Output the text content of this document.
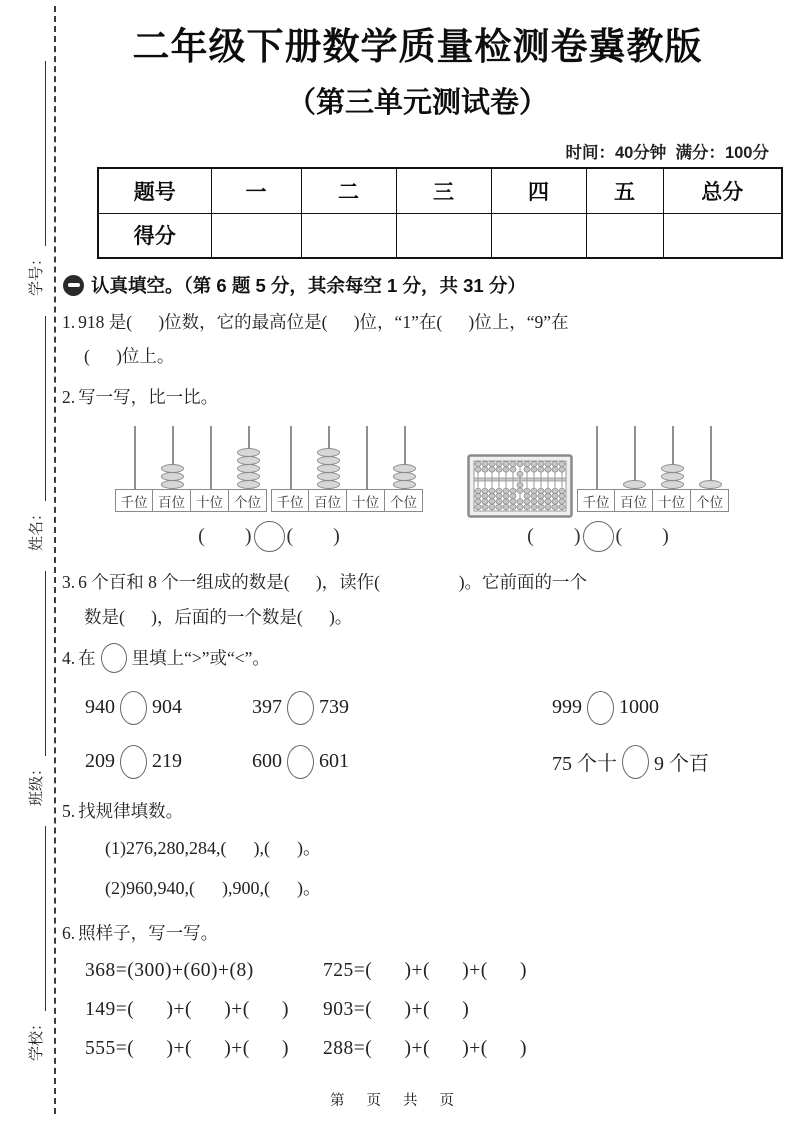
学校：
班级：
姓名：
学号：
二年级下册数学质量检测卷冀教版
（第三单元测试卷）
时间：40分钟  满分：100分
题号	一	二	三	四	五	总分
得分						
认真填空。（第 6 题 5 分，其余每空 1 分，共 31 分）
1. 918 是(      )位数，它的最高位是(      )位，“1”在(      )位上，“9”在
(      )位上。
2. 写一写，比一比。
千位 百位 十位 个位	千位 百位 十位 个位
(        ) (        )
千位 百位 十位 个位
(        ) (        )
3. 6 个百和 8 个一组成的数是(      )，读作(                  )。它前面的一个
数是(      )，后面的一个数是(      )。
4. 在 里填上“>”或“<”。
940 904	397 739	999 1000
209 219	600 601	75 个十 9 个百
5. 找规律填数。
(1)276,280,284,(      ),(      )。
(2)960,940,(      ),900,(      )。
6. 照样子，写一写。
368=(300)+(60)+(8)	725=(      )+(      )+(      )
149=(      )+(      )+(      )	903=(      )+(      )
555=(      )+(      )+(      )	288=(      )+(      )+(      )
第 页 共 页
